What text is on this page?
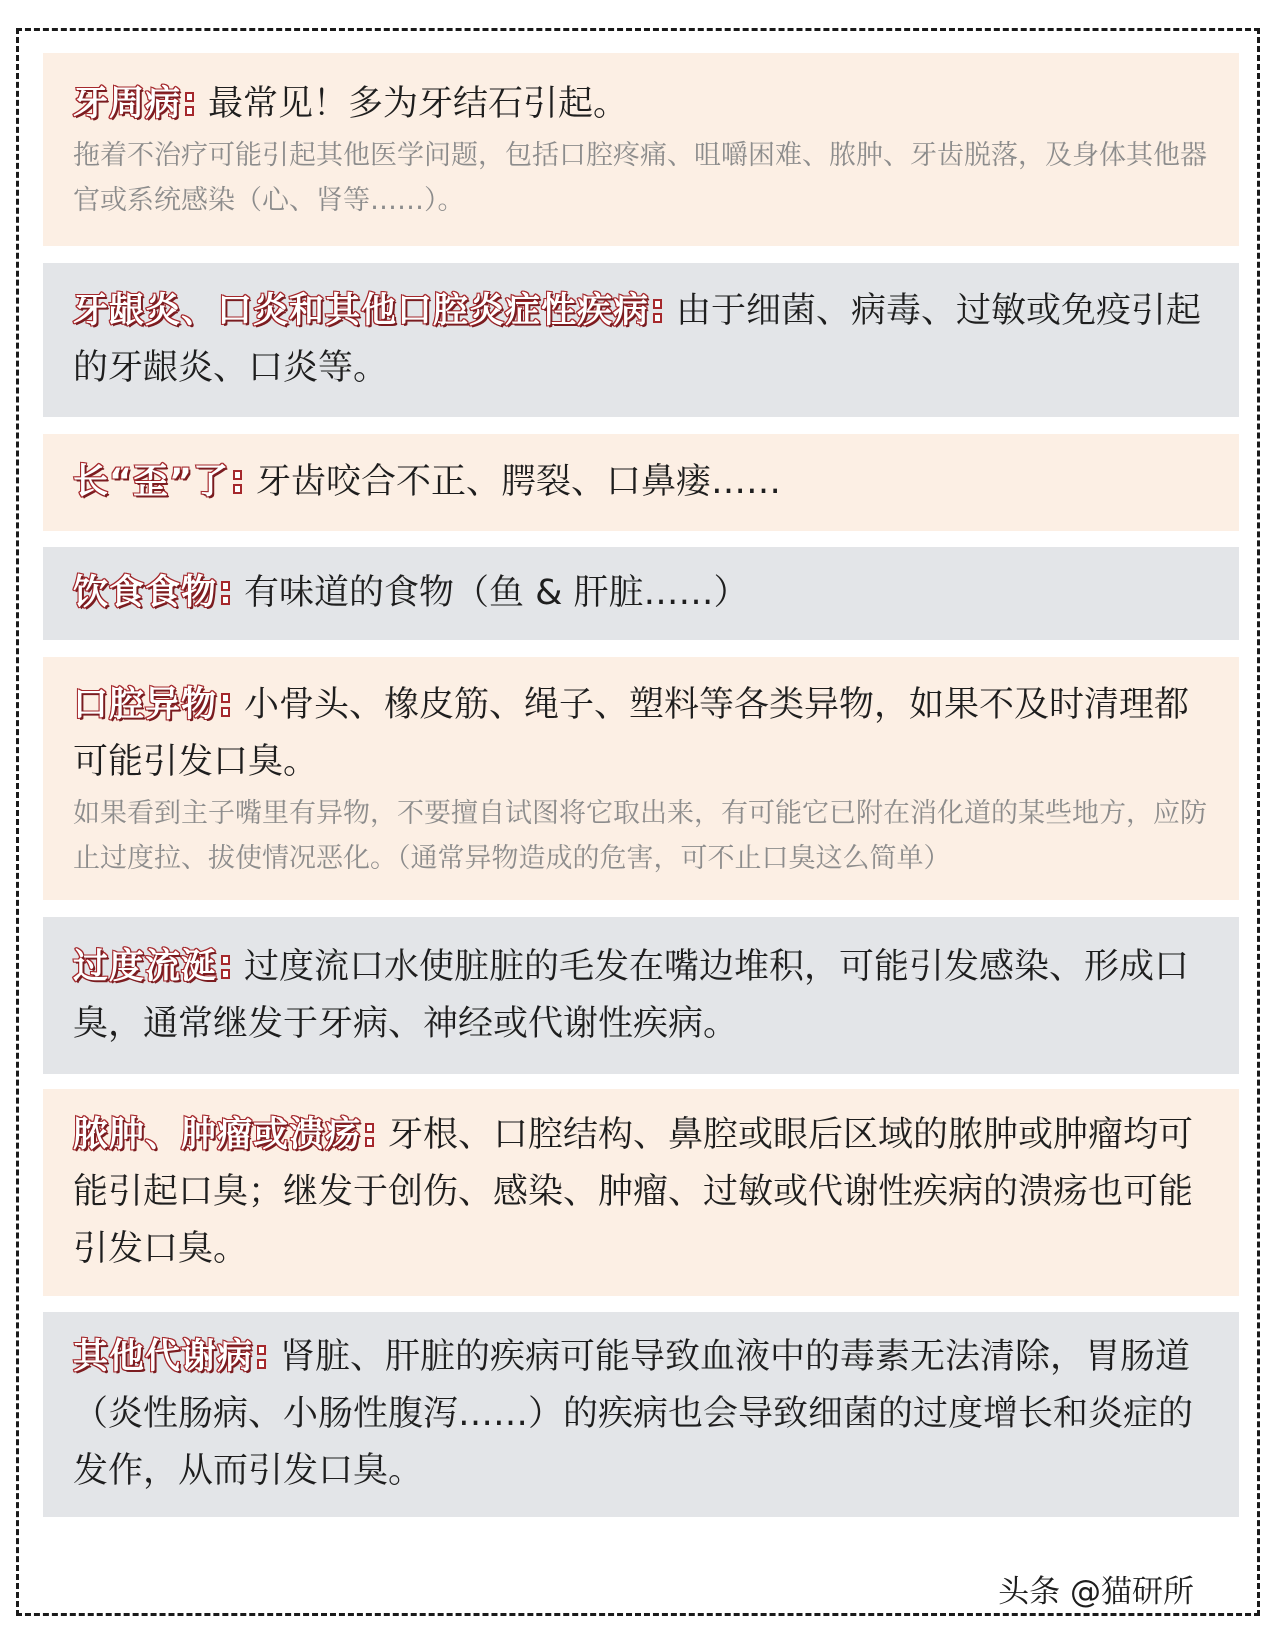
牙周病 最常见！多为牙结石引起。

拖着不治疗可能引起其他医学问题，包括口腔疼痛、咀嚼困难、脓肿、牙齿脱落，及身体其他器官或系统感染（心、肾等……）。

牙龈炎、口炎和其他口腔炎症性疾病 由于细菌、病毒、过敏或免疫引起的牙龈炎、口炎等。

长“歪”了 牙齿咬合不正、腭裂、口鼻瘘……

饮食食物 有味道的食物（鱼 & 肝脏……）

口腔异物 小骨头、橡皮筋、绳子、塑料等各类异物，如果不及时清理都可能引发口臭。

如果看到主子嘴里有异物，不要擅自试图将它取出来，有可能它已附在消化道的某些地方，应防止过度拉、拔使情况恶化。（通常异物造成的危害，可不止口臭这么简单）

过度流涎 过度流口水使脏脏的毛发在嘴边堆积，可能引发感染、形成口臭，通常继发于牙病、神经或代谢性疾病。

脓肿、肿瘤或溃疡 牙根、口腔结构、鼻腔或眼后区域的脓肿或肿瘤均可能引起口臭；继发于创伤、感染、肿瘤、过敏或代谢性疾病的溃疡也可能引发口臭。

其他代谢病 肾脏、肝脏的疾病可能导致血液中的毒素无法清除，胃肠道（炎性肠病、小肠性腹泻……）的疾病也会导致细菌的过度增长和炎症的发作，从而引发口臭。

头条 @猫研所
